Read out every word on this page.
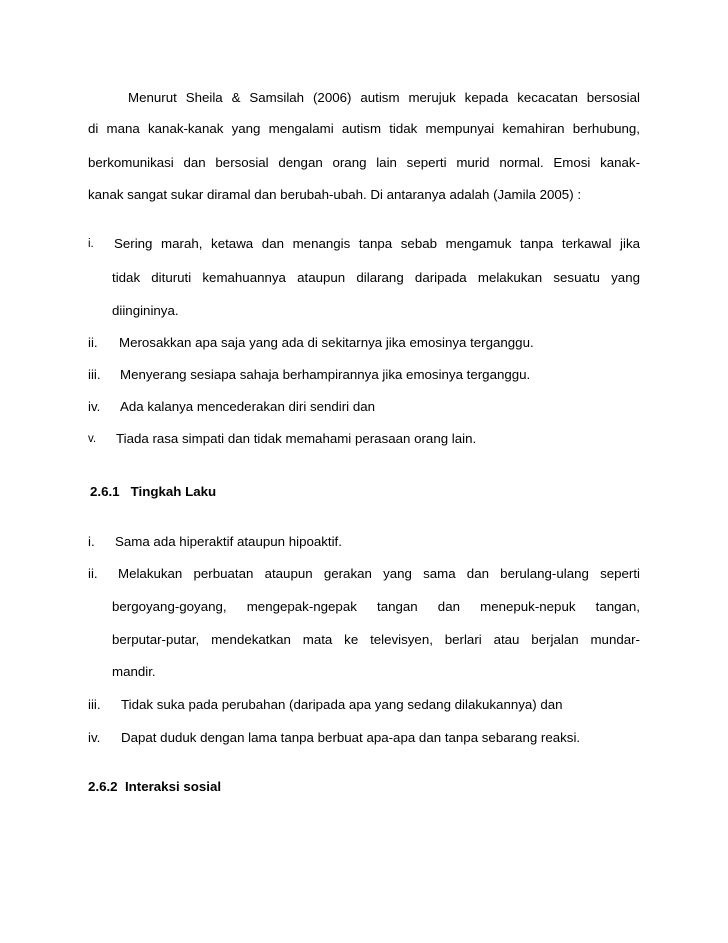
Menurut Sheila & Samsilah (2006) autism merujuk kepada kecacatan bersosial
di mana kanak-kanak yang mengalami autism tidak mempunyai kemahiran berhubung,
berkomunikasi dan bersosial dengan orang lain seperti murid normal. Emosi kanak-
kanak sangat sukar diramal dan berubah-ubah. Di antaranya adalah (Jamila 2005) :
i. Sering marah, ketawa dan menangis tanpa sebab mengamuk tanpa terkawal jika
tidak dituruti kemahuannya ataupun dilarang daripada melakukan sesuatu yang
diingininya.
ii. Merosakkan apa saja yang ada di sekitarnya jika emosinya terganggu.
iii. Menyerang sesiapa sahaja berhampirannya jika emosinya terganggu.
iv. Ada kalanya mencederakan diri sendiri dan
v. Tiada rasa simpati dan tidak memahami perasaan orang lain.
2.6.1 Tingkah Laku
i. Sama ada hiperaktif ataupun hipoaktif.
ii. Melakukan perbuatan ataupun gerakan yang sama dan berulang-ulang seperti
bergoyang-goyang, mengepak-ngepak tangan dan menepuk-nepuk tangan,
berputar-putar, mendekatkan mata ke televisyen, berlari atau berjalan mundar-
mandir.
iii. Tidak suka pada perubahan (daripada apa yang sedang dilakukannya) dan
iv. Dapat duduk dengan lama tanpa berbuat apa-apa dan tanpa sebarang reaksi.
2.6.2 Interaksi sosial
